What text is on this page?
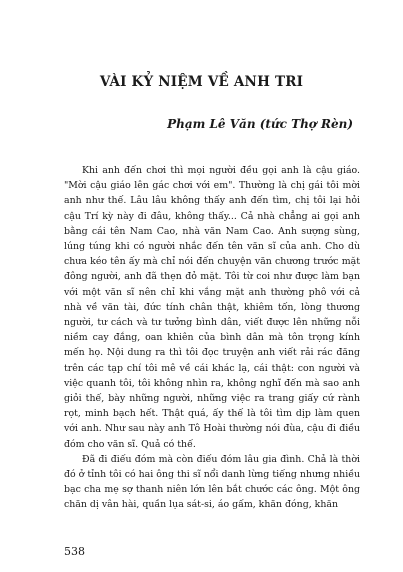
VÀI KỶ NIỆM VỀ ANH TRI
Phạm Lê Văn (tức Thợ Rèn)

Khi anh đến chơi thì mọi người đều gọi anh là cậu giáo. "Mời cậu giáo lên gác chơi với em". Thường là chị gái tôi mời anh như thế. Lâu lâu không thấy anh đến tìm, chị tôi lại hỏi cậu Trí kỳ này đi đâu, không thấy... Cả nhà chẳng ai gọi anh bằng cái tên Nam Cao, nhà văn Nam Cao. Anh sượng sùng, lúng túng khi có người nhắc đến tên văn sĩ của anh. Cho dù chưa kéo tên ấy mà chỉ nói đến chuyện văn chương trước mặt đông người, anh đã thẹn đỏ mặt. Tôi từ coi như được làm bạn với một văn sĩ nên chỉ khi vắng mặt anh thường phô với cả nhà về văn tài, đức tính chân thật, khiêm tốn, lòng thương người, tư cách và tư tưởng bình dân, viết được lên những nỗi niềm cay đắng, oan khiên của bình dân mà tôn trọng kính mến họ. Nội dung ra thì tôi đọc truyện anh viết rải rác đăng trên các tạp chí tôi mê về cái khác lạ, cái thật: con người và việc quanh tôi, tôi không nhìn ra, không nghĩ đến mà sao anh giỏi thế, bày những người, những việc ra trang giấy cứ rành rọt, minh bạch hết. Thật quá, ấy thế là tôi tìm dịp làm quen với anh. Như sau này anh Tô Hoài thường nói đùa, cậu đi điều đóm cho văn sĩ. Quả có thế.

Đã đi điếu đóm mà còn điếu đóm lâu gia đình. Chả là thời đó ở tỉnh tôi có hai ông thi sĩ nổi danh lừng tiếng nhưng nhiều bạc cha mẹ sợ thanh niên lớn lên bắt chước các ông. Một ông chăn dị vân hài, quần lụa sát-si, áo gấm, khăn đóng, khăn

538
